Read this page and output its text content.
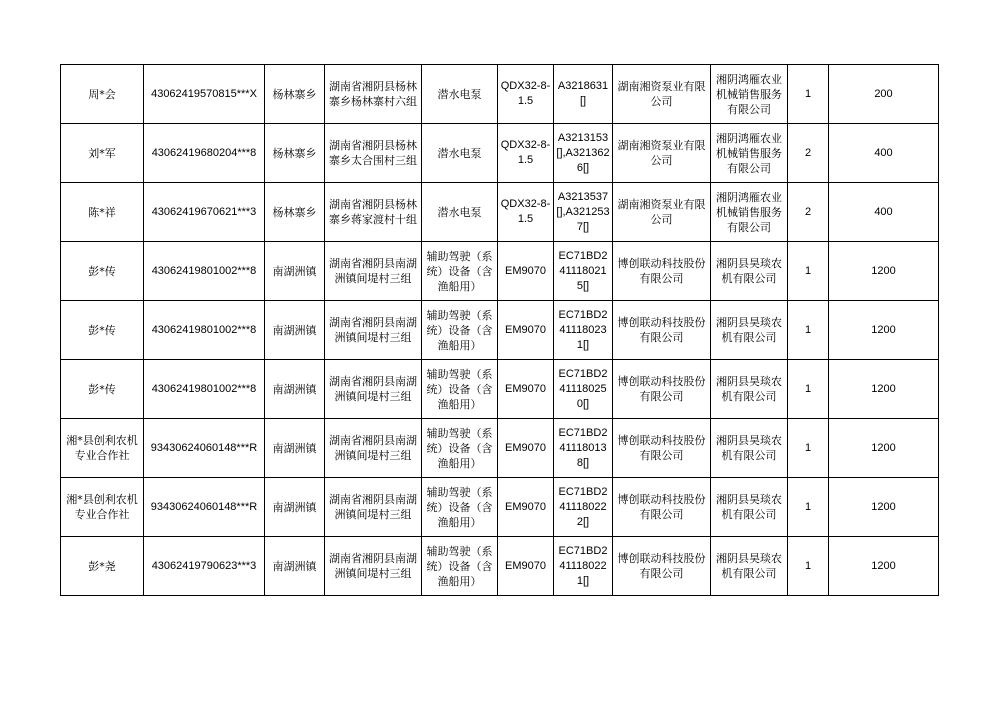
周*会	43062419570815***X	杨林寨乡	湖南省湘阴县杨林寨乡杨林寨村六组	潜水电泵	QDX32-8-1.5	A3218631[]	湖南湘资泵业有限公司	湘阴鸿雁农业机械销售服务有限公司	1	200
刘*军	43062419680204***8	杨林寨乡	湖南省湘阴县杨林寨乡太合围村三组	潜水电泵	QDX32-8-1.5	A3213153[],A3213626[]	湖南湘资泵业有限公司	湘阴鸿雁农业机械销售服务有限公司	2	400
陈*祥	43062419670621***3	杨林寨乡	湖南省湘阴县杨林寨乡蒋家渡村十组	潜水电泵	QDX32-8-1.5	A3213537[],A3212537[]	湖南湘资泵业有限公司	湘阴鸿雁农业机械销售服务有限公司	2	400
彭*传	43062419801002***8	南湖洲镇	湖南省湘阴县南湖洲镇间堤村三组	辅助驾驶（系统）设备（含渔船用）	EM9070	EC71BD241118021 5[]	博创联动科技股份有限公司	湘阴县昊琰农机有限公司	1	1200
彭*传	43062419801002***8	南湖洲镇	湖南省湘阴县南湖洲镇间堤村三组	辅助驾驶（系统）设备（含渔船用）	EM9070	EC71BD241118023 1[]	博创联动科技股份有限公司	湘阴县昊琰农机有限公司	1	1200
彭*传	43062419801002***8	南湖洲镇	湖南省湘阴县南湖洲镇间堤村三组	辅助驾驶（系统）设备（含渔船用）	EM9070	EC71BD241118025 0[]	博创联动科技股份有限公司	湘阴县昊琰农机有限公司	1	1200
湘*县创利农机专业合作社	93430624060148***R	南湖洲镇	湖南省湘阴县南湖洲镇间堤村三组	辅助驾驶（系统）设备（含渔船用）	EM9070	EC71BD241118013 8[]	博创联动科技股份有限公司	湘阴县昊琰农机有限公司	1	1200
湘*县创利农机专业合作社	93430624060148***R	南湖洲镇	湖南省湘阴县南湖洲镇间堤村三组	辅助驾驶（系统）设备（含渔船用）	EM9070	EC71BD241118022 2[]	博创联动科技股份有限公司	湘阴县昊琰农机有限公司	1	1200
彭*尧	43062419790623***3	南湖洲镇	湖南省湘阴县南湖洲镇间堤村三组	辅助驾驶（系统）设备（含渔船用）	EM9070	EC71BD241118022 1[]	博创联动科技股份有限公司	湘阴县昊琰农机有限公司	1	1200
